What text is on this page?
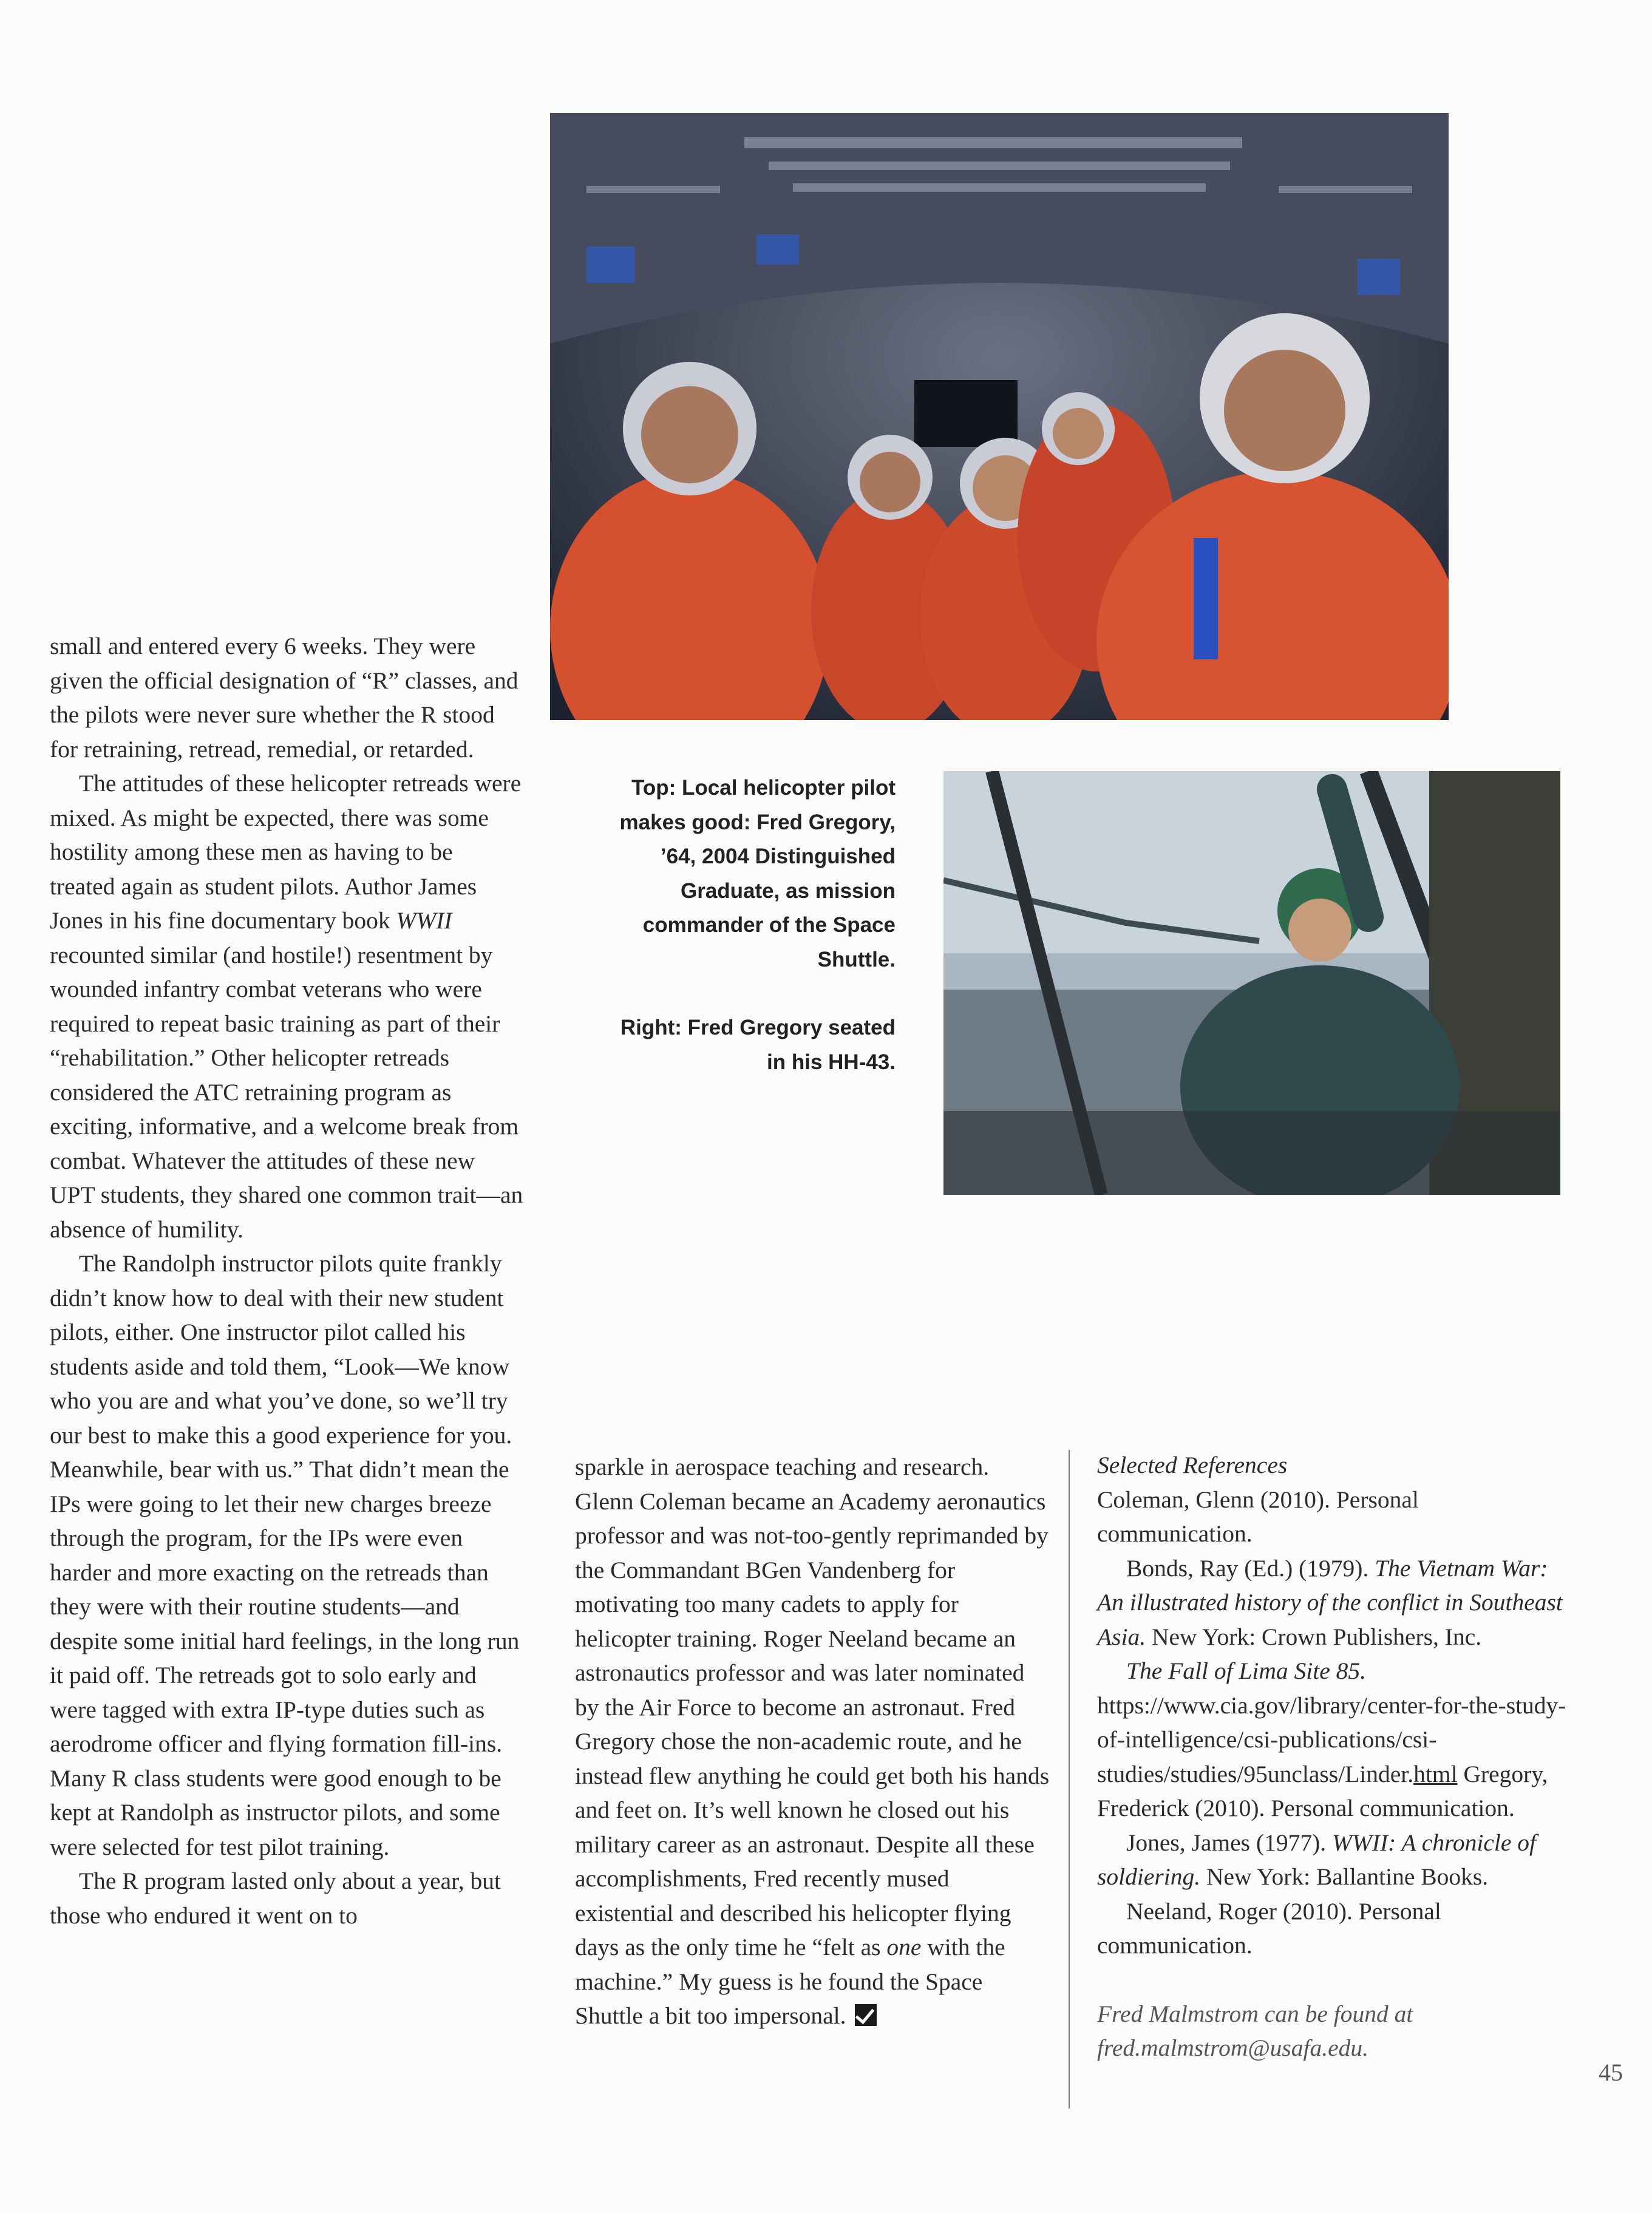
Top: Local helicopter pilot makes good: Fred Gregory, ’64, 2004 Distinguished Graduate, as mission commander of the Space Shuttle.

Right: Fred Gregory seated in his HH-43.

small and entered every 6 weeks. They were given the official designation of “R” classes, and the pilots were never sure whether the R stood for retraining, retread, remedial, or retarded.

The attitudes of these helicopter retreads were mixed. As might be expected, there was some hostility among these men as having to be treated again as student pilots. Author James Jones in his fine documentary book WWII recounted similar (and hostile!) resentment by wounded infantry combat veterans who were required to repeat basic training as part of their “rehabilitation.” Other helicopter retreads considered the ATC retraining program as exciting, informative, and a welcome break from combat. Whatever the attitudes of these new UPT students, they shared one common trait—an absence of humility.

The Randolph instructor pilots quite frankly didn’t know how to deal with their new student pilots, either. One instructor pilot called his students aside and told them, “Look—We know who you are and what you’ve done, so we’ll try our best to make this a good experience for you. Meanwhile, bear with us.” That didn’t mean the IPs were going to let their new charges breeze through the program, for the IPs were even harder and more exacting on the retreads than they were with their routine students—and despite some initial hard feelings, in the long run it paid off. The retreads got to solo early and were tagged with extra IP-type duties such as aerodrome officer and flying formation fill-ins. Many R class students were good enough to be kept at Randolph as instructor pilots, and some were selected for test pilot training.

The R program lasted only about a year, but those who endured it went on to

sparkle in aerospace teaching and research. Glenn Coleman became an Academy aeronautics professor and was not-too-gently reprimanded by the Commandant BGen Vandenberg for motivating too many cadets to apply for helicopter training. Roger Neeland became an astronautics professor and was later nominated by the Air Force to become an astronaut. Fred Gregory chose the non-academic route, and he instead flew anything he could get both his hands and feet on. It’s well known he closed out his military career as an astronaut. Despite all these accomplishments, Fred recently mused existential and described his helicopter flying days as the only time he “felt as one with the machine.” My guess is he found the Space Shuttle a bit too impersonal.

Selected References

Coleman, Glenn (2010). Personal communication.

Bonds, Ray (Ed.) (1979). The Vietnam War: An illustrated history of the conflict in Southeast Asia. New York: Crown Publishers, Inc.

The Fall of Lima Site 85. https://www.cia.gov/library/center-for-the-study-of-intelligence/csi-publications/csi-studies/studies/95unclass/Linder.html Gregory, Frederick (2010). Personal communication.

Jones, James (1977). WWII: A chronicle of soldiering. New York: Ballantine Books.

Neeland, Roger (2010). Personal communication.

Fred Malmstrom can be found at fred.malmstrom@usafa.edu.

45
